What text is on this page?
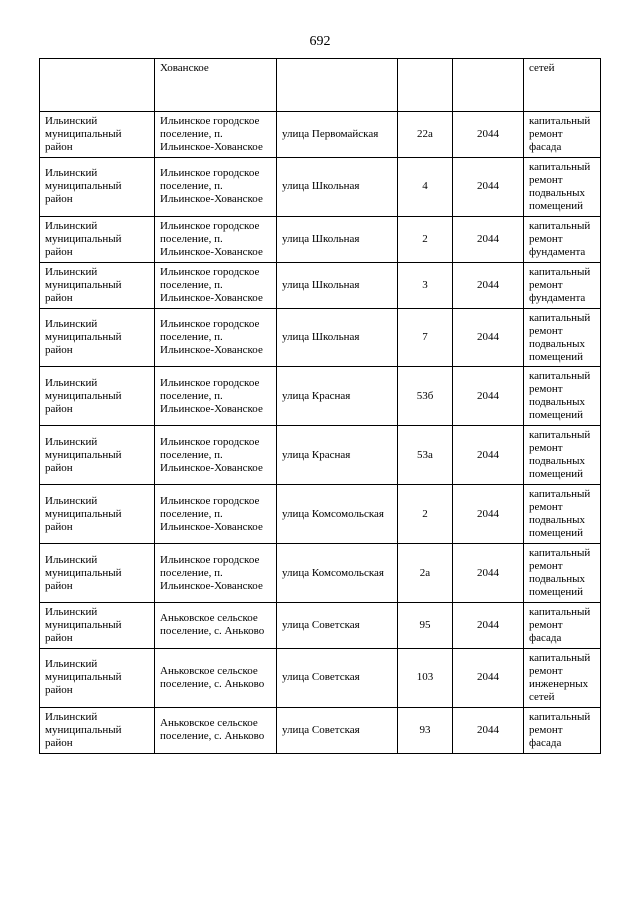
692
	Хованское				сетей
Ильинский муниципальный район	Ильинское городское поселение, п. Ильинское-Хованское	улица Первомайская	22а	2044	капитальный ремонт фасада
Ильинский муниципальный район	Ильинское городское поселение, п. Ильинское-Хованское	улица Школьная	4	2044	капитальный ремонт подвальных помещений
Ильинский муниципальный район	Ильинское городское поселение, п. Ильинское-Хованское	улица Школьная	2	2044	капитальный ремонт фундамента
Ильинский муниципальный район	Ильинское городское поселение, п. Ильинское-Хованское	улица Школьная	3	2044	капитальный ремонт фундамента
Ильинский муниципальный район	Ильинское городское поселение, п. Ильинское-Хованское	улица Школьная	7	2044	капитальный ремонт подвальных помещений
Ильинский муниципальный район	Ильинское городское поселение, п. Ильинское-Хованское	улица Красная	53б	2044	капитальный ремонт подвальных помещений
Ильинский муниципальный район	Ильинское городское поселение, п. Ильинское-Хованское	улица Красная	53а	2044	капитальный ремонт подвальных помещений
Ильинский муниципальный район	Ильинское городское поселение, п. Ильинское-Хованское	улица Комсомольская	2	2044	капитальный ремонт подвальных помещений
Ильинский муниципальный район	Ильинское городское поселение, п. Ильинское-Хованское	улица Комсомольская	2а	2044	капитальный ремонт подвальных помещений
Ильинский муниципальный район	Аньковское сельское поселение, с. Аньково	улица Советская	95	2044	капитальный ремонт фасада
Ильинский муниципальный район	Аньковское сельское поселение, с. Аньково	улица Советская	103	2044	капитальный ремонт инженерных сетей
Ильинский муниципальный район	Аньковское сельское поселение, с. Аньково	улица Советская	93	2044	капитальный ремонт фасада
